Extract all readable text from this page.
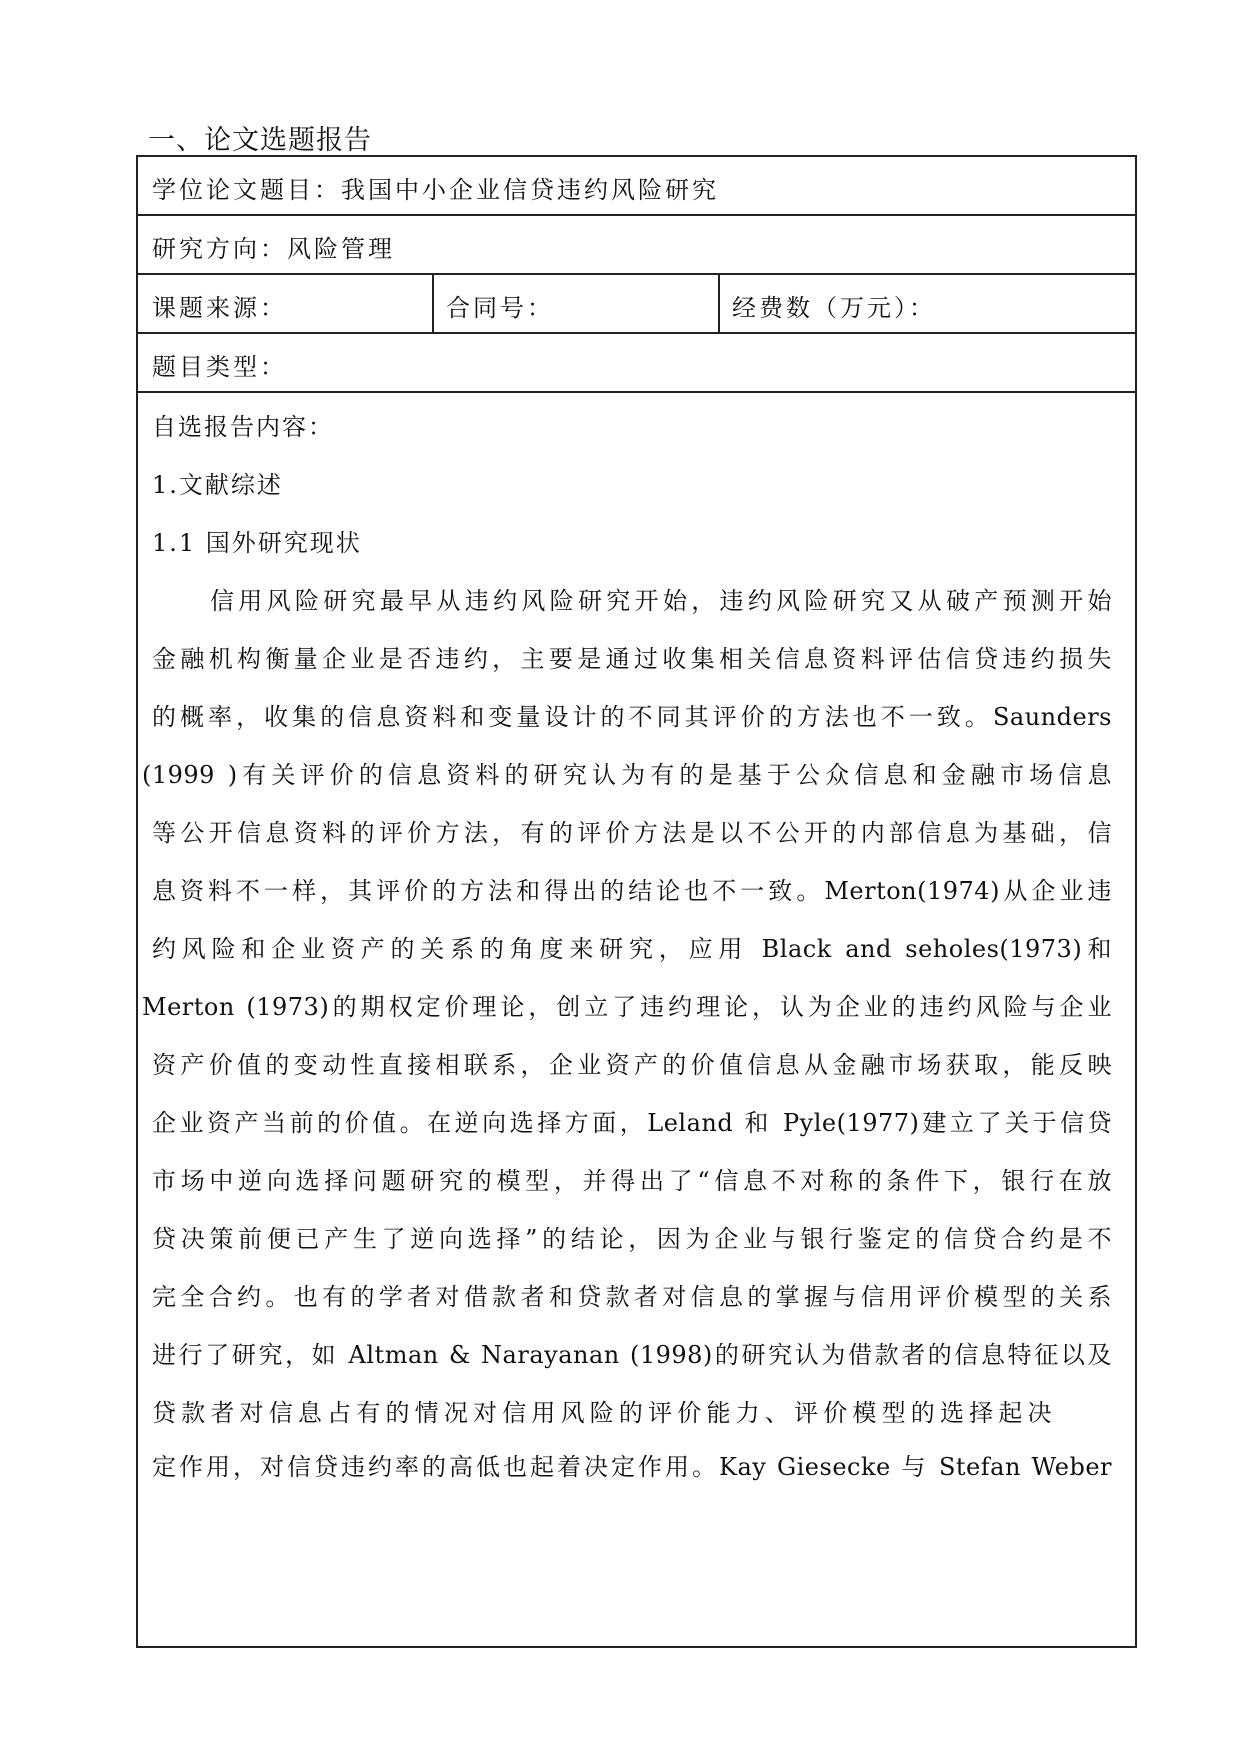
一、论文选题报告
学位论文题目：我国中小企业信贷违约风险研究
研究方向：风险管理
课题来源：	合同号：	经费数（万元）：
题目类型：
自选报告内容：
1.文献综述
1.1 国外研究现状
信用风险研究最早从违约风险研究开始，违约风险研究又从破产预测开始
金融机构衡量企业是否违约，主要是通过收集相关信息资料评估信贷违约损失
的概率，收集的信息资料和变量设计的不同其评价的方法也不一致。Saunders
(1999 )有关评价的信息资料的研究认为有的是基于公众信息和金融市场信息
等公开信息资料的评价方法，有的评价方法是以不公开的内部信息为基础，信
息资料不一样，其评价的方法和得出的结论也不一致。Merton(1974)从企业违
约风险和企业资产的关系的角度来研究，应用 Black and seholes(1973)和
Merton (1973)的期权定价理论，创立了违约理论，认为企业的违约风险与企业
资产价值的变动性直接相联系，企业资产的价值信息从金融市场获取，能反映
企业资产当前的价值。在逆向选择方面，Leland 和 Pyle(1977)建立了关于信贷
市场中逆向选择问题研究的模型，并得出了“信息不对称的条件下，银行在放
贷决策前便已产生了逆向选择”的结论，因为企业与银行鉴定的信贷合约是不
完全合约。也有的学者对借款者和贷款者对信息的掌握与信用评价模型的关系
进行了研究，如 Altman & Narayanan (1998)的研究认为借款者的信息特征以及
贷款者对信息占有的情况对信用风险的评价能力、评价模型的选择起决
定作用，对信贷违约率的高低也起着决定作用。Kay Giesecke 与 Stefan Weber
